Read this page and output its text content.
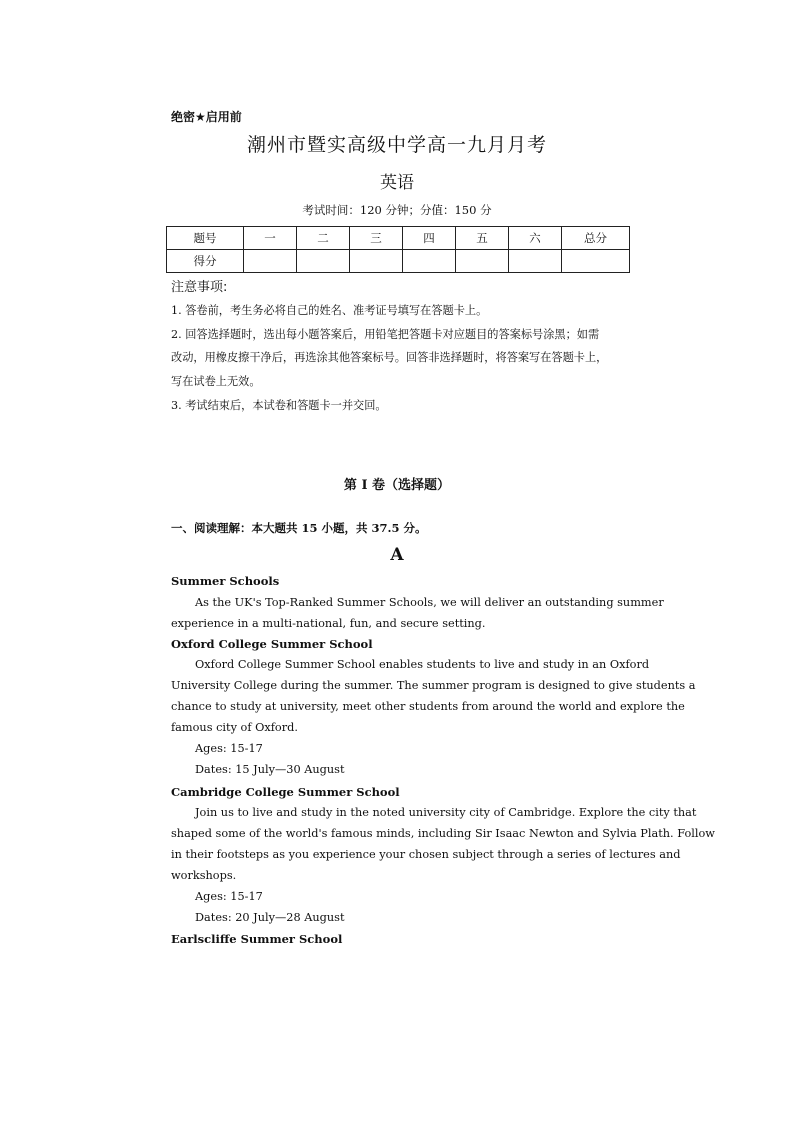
绝密★启用前
潮州市暨实高级中学高一九月月考
英语
考试时间：120 分钟；分值：150 分
题号	一	二	三	四	五	六	总分
得分							
注意事项:
1. 答卷前，考生务必将自己的姓名、准考证号填写在答题卡上。
2. 回答选择题时，选出每小题答案后，用铅笔把答题卡对应题目的答案标号涂黑；如需
改动，用橡皮擦干净后，再选涂其他答案标号。回答非选择题时，将答案写在答题卡上，
写在试卷上无效。
3. 考试结束后，本试卷和答题卡一并交回。
第 I 卷（选择题）
一、阅读理解：本大题共 15 小题，共 37.5 分。
A
Summer Schools
As the UK's Top-Ranked Summer Schools, we will deliver an outstanding summer
experience in a multi-national, fun, and secure setting.
Oxford College Summer School
Oxford College Summer School enables students to live and study in an Oxford
University College during the summer. The summer program is designed to give students a
chance to study at university, meet other students from around the world and explore the
famous city of Oxford.
Ages: 15-17
Dates: 15 July—30 August
Cambridge College Summer School
Join us to live and study in the noted university city of Cambridge. Explore the city that
shaped some of the world's famous minds, including Sir Isaac Newton and Sylvia Plath. Follow
in their footsteps as you experience your chosen subject through a series of lectures and
workshops.
Ages: 15-17
Dates: 20 July—28 August
Earlscliffe Summer School
